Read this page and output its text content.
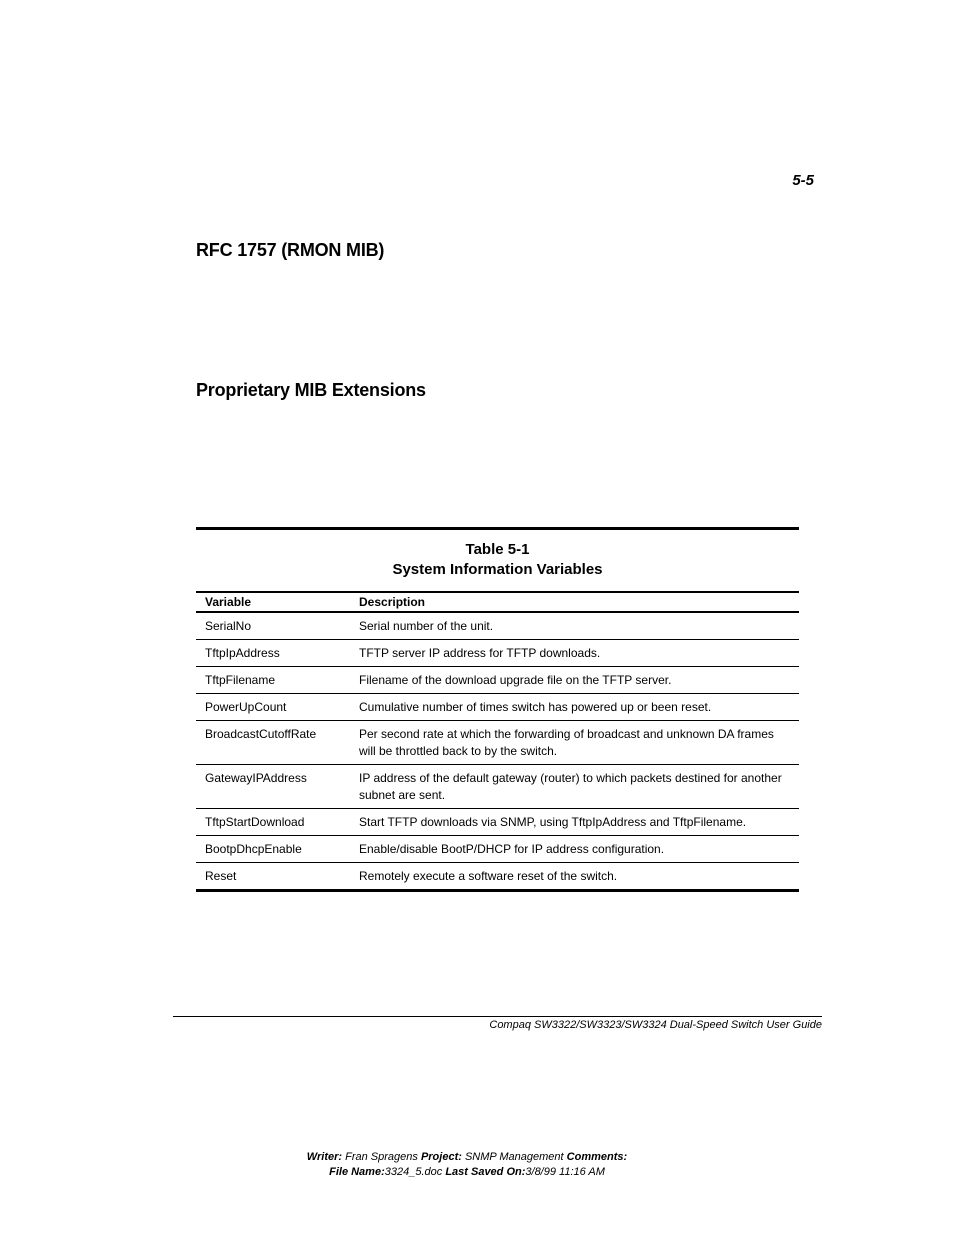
5-5
RFC 1757 (RMON MIB)
Proprietary MIB Extensions
Table 5-1
System Information Variables
Variable	Description
SerialNo	Serial number of the unit.
TftpIpAddress	TFTP server IP address for TFTP downloads.
TftpFilename	Filename of the download upgrade file on the TFTP server.
PowerUpCount	Cumulative number of times switch has powered up or been reset.
BroadcastCutoffRate	Per second rate at which the forwarding of broadcast and unknown DA frames will be throttled back to by the switch.
GatewayIPAddress	IP address of the default gateway (router) to which packets destined for another subnet are sent.
TftpStartDownload	Start TFTP downloads via SNMP, using TftpIpAddress and TftpFilename.
BootpDhcpEnable	Enable/disable BootP/DHCP for IP address configuration.
Reset	Remotely execute a software reset of the switch.
Compaq SW3322/SW3323/SW3324 Dual-Speed Switch User Guide
Writer: Fran Spragens Project: SNMP Management Comments:
File Name:3324_5.doc Last Saved On:3/8/99 11:16 AM
